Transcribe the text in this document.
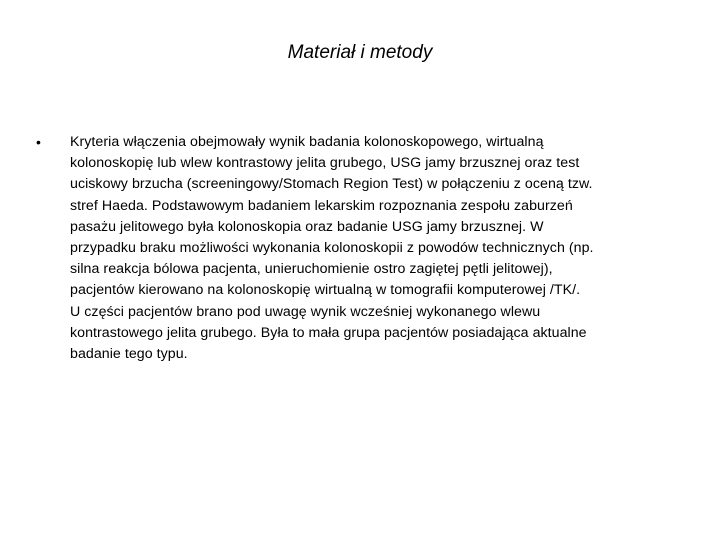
Materiał i metody
• Kryteria włączenia obejmowały wynik badania kolonoskopowego, wirtualną
kolonoskopię lub wlew kontrastowy jelita grubego, USG jamy brzusznej oraz test
uciskowy brzucha (screeningowy/Stomach Region Test) w połączeniu z oceną tzw.
stref Haeda. Podstawowym badaniem lekarskim rozpoznania zespołu zaburzeń
pasażu jelitowego była kolonoskopia oraz badanie USG jamy brzusznej. W
przypadku braku możliwości wykonania kolonoskopii z powodów technicznych (np.
silna reakcja bólowa pacjenta, unieruchomienie ostro zagiętej pętli jelitowej),
pacjentów kierowano na kolonoskopię wirtualną w tomografii komputerowej /TK/.
U części pacjentów brano pod uwagę wynik wcześniej wykonanego wlewu
kontrastowego jelita grubego. Była to mała grupa pacjentów posiadająca aktualne
badanie tego typu.
